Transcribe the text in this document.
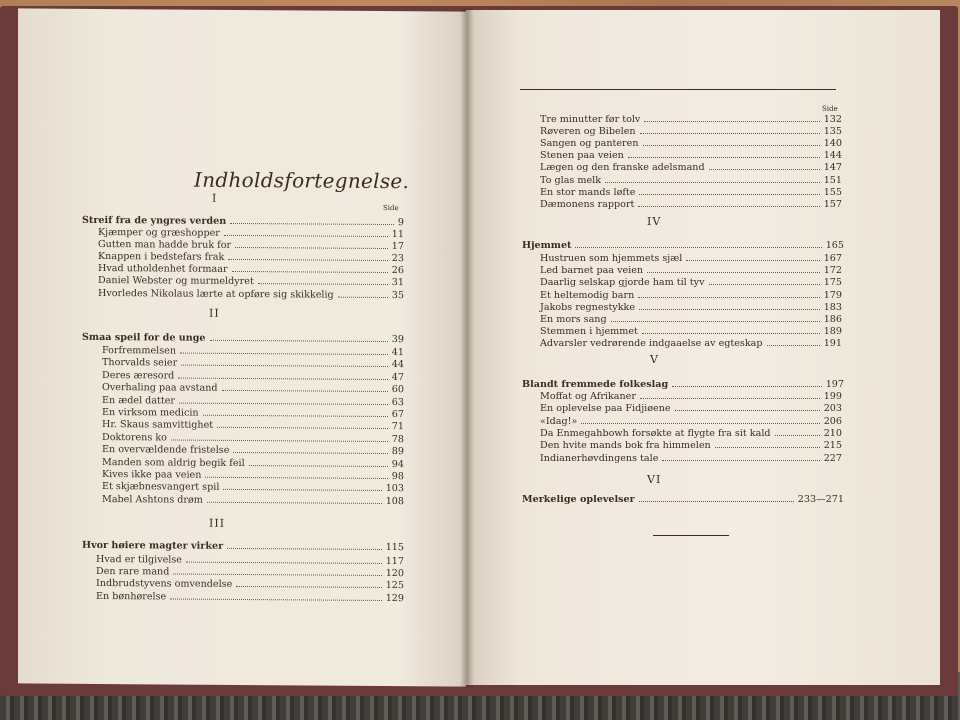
Indholdsfortegnelse.
I
Side
Streif fra de yngres verden	9
Kjæmper og græshopper	11
Gutten man hadde bruk for	17
Knappen i bedstefars frak	23
Hvad utholdenhet formaar	26
Daniel Webster og murmeldyret	31
Hvorledes Nikolaus lærte at opføre sig skikkelig	35
II
Smaa speil for de unge	39
Forfremmelsen	41
Thorvalds seier	44
Deres æresord	47
Overhaling paa avstand	60
En ædel datter	63
En virksom medicin	67
Hr. Skaus samvittighet	71
Doktorens ko	78
En overvældende fristelse	89
Manden som aldrig begik feil	94
Kives ikke paa veien	98
Et skjæbnesvangert spil	103
Mabel Ashtons drøm	108
III
Hvor høiere magter virker	115
Hvad er tilgivelse	117
Den rare mand	120
Indbrudstyvens omvendelse	125
En bønhørelse	129
Side
Tre minutter før tolv	132
Røveren og Bibelen	135
Sangen og panteren	140
Stenen paa veien	144
Lægen og den franske adelsmand	147
To glas melk	151
En stor mands løfte	155
Dæmonens rapport	157
IV
Hjemmet	165
Hustruen som hjemmets sjæl	167
Led barnet paa veien	172
Daarlig selskap gjorde ham til tyv	175
Et heltemodig barn	179
Jakobs regnestykke	183
En mors sang	186
Stemmen i hjemmet	189
Advarsler vedrørende indgaaelse av egteskap	191
V
Blandt fremmede folkeslag	197
Moffat og Afrikaner	199
En oplevelse paa Fidjiøene	203
«Idag!»	206
Da Enmegahbowh forsøkte at flygte fra sit kald	210
Den hvite mands bok fra himmelen	215
Indianerhøvdingens tale	227
VI
Merkelige oplevelser	233—271
